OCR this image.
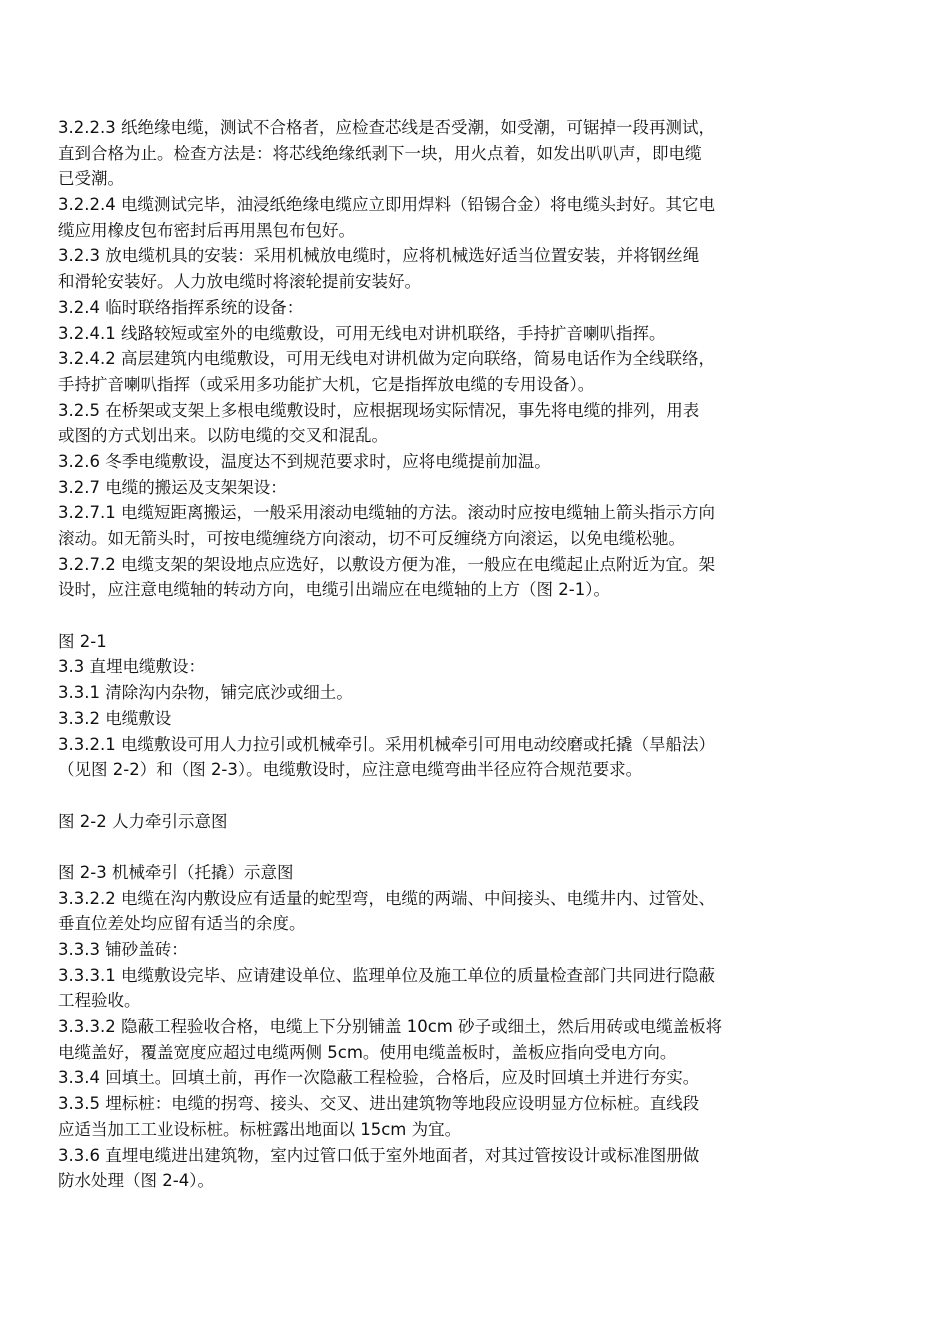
3.2.2.3 纸绝缘电缆，测试不合格者，应检查芯线是否受潮，如受潮，可锯掉一段再测试，
直到合格为止。检查方法是：将芯线绝缘纸剥下一块，用火点着，如发出叭叭声，即电缆
已受潮。
3.2.2.4 电缆测试完毕，油浸纸绝缘电缆应立即用焊料（铅锡合金）将电缆头封好。其它电
缆应用橡皮包布密封后再用黑包布包好。
3.2.3 放电缆机具的安装：采用机械放电缆时，应将机械选好适当位置安装，并将钢丝绳
和滑轮安装好。人力放电缆时将滚轮提前安装好。
3.2.4 临时联络指挥系统的设备：
3.2.4.1 线路较短或室外的电缆敷设，可用无线电对讲机联络，手持扩音喇叭指挥。
3.2.4.2 高层建筑内电缆敷设，可用无线电对讲机做为定向联络，简易电话作为全线联络，
手持扩音喇叭指挥（或采用多功能扩大机，它是指挥放电缆的专用设备）。
3.2.5 在桥架或支架上多根电缆敷设时，应根据现场实际情况，事先将电缆的排列，用表
或图的方式划出来。以防电缆的交叉和混乱。
3.2.6 冬季电缆敷设，温度达不到规范要求时，应将电缆提前加温。
3.2.7 电缆的搬运及支架架设：
3.2.7.1 电缆短距离搬运，一般采用滚动电缆轴的方法。滚动时应按电缆轴上箭头指示方向
滚动。如无箭头时，可按电缆缠绕方向滚动，切不可反缠绕方向滚运，以免电缆松驰。
3.2.7.2 电缆支架的架设地点应选好，以敷设方便为准，一般应在电缆起止点附近为宜。架
设时，应注意电缆轴的转动方向，电缆引出端应在电缆轴的上方（图 2-1）。
图 2-1
3.3 直埋电缆敷设：
3.3.1 清除沟内杂物，铺完底沙或细土。
3.3.2 电缆敷设
3.3.2.1 电缆敷设可用人力拉引或机械牵引。采用机械牵引可用电动绞磨或托撬（旱船法）
（见图 2-2）和（图 2-3）。电缆敷设时，应注意电缆弯曲半径应符合规范要求。
图 2-2 人力牵引示意图
图 2-3 机械牵引（托撬）示意图
3.3.2.2 电缆在沟内敷设应有适量的蛇型弯，电缆的两端、中间接头、电缆井内、过管处、
垂直位差处均应留有适当的余度。
3.3.3 铺砂盖砖：
3.3.3.1 电缆敷设完毕、应请建设单位、监理单位及施工单位的质量检查部门共同进行隐蔽
工程验收。
3.3.3.2 隐蔽工程验收合格，电缆上下分别铺盖 10cm 砂子或细土，然后用砖或电缆盖板将
电缆盖好，覆盖宽度应超过电缆两侧 5cm。使用电缆盖板时，盖板应指向受电方向。
3.3.4 回填土。回填土前，再作一次隐蔽工程检验，合格后，应及时回填土并进行夯实。
3.3.5 埋标桩：电缆的拐弯、接头、交叉、进出建筑物等地段应设明显方位标桩。直线段
应适当加工工业设标桩。标桩露出地面以 15cm 为宜。
3.3.6 直埋电缆进出建筑物，室内过管口低于室外地面者，对其过管按设计或标准图册做
防水处理（图 2-4）。
